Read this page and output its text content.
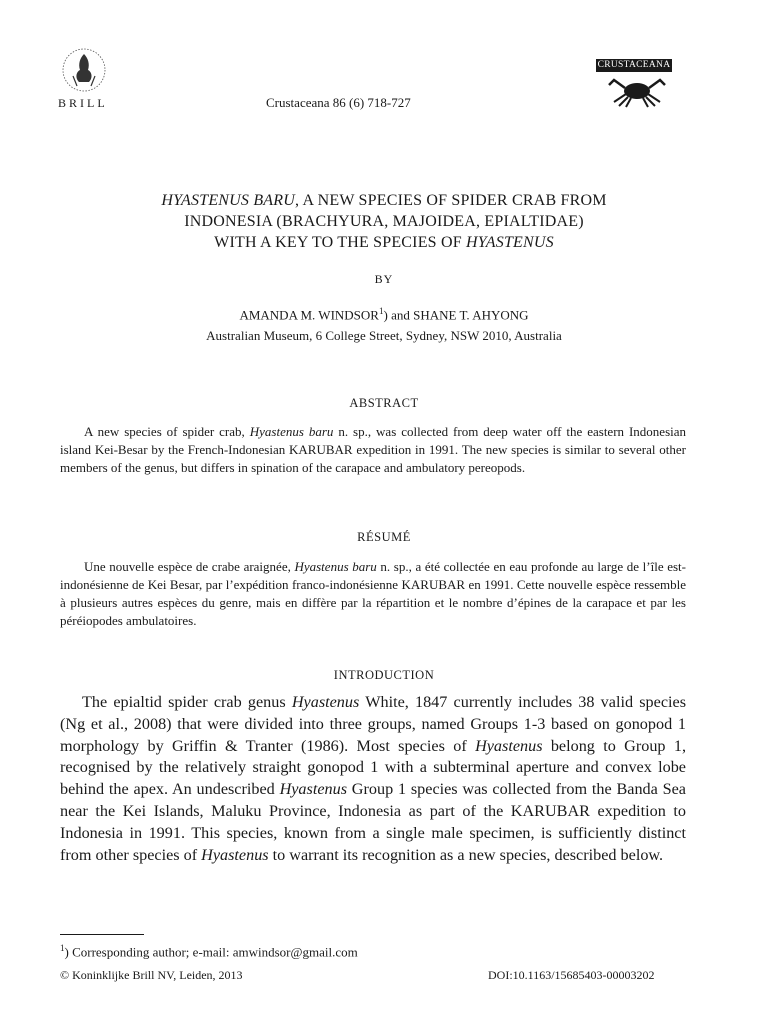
BRILL	Crustaceana 86 (6) 718-727
CRUSTACEANA
HYASTENUS BARU, A NEW SPECIES OF SPIDER CRAB FROM
INDONESIA (BRACHYURA, MAJOIDEA, EPIALTIDAE)
WITH A KEY TO THE SPECIES OF HYASTENUS
BY
AMANDA M. WINDSOR$^1$) and SHANE T. AHYONG
Australian Museum, 6 College Street, Sydney, NSW 2010, Australia
ABSTRACT
A new species of spider crab, Hyastenus baru n. sp., was collected from deep water off the eastern Indonesian island Kei-Besar by the French-Indonesian KARUBAR expedition in 1991. The new species is similar to several other members of the genus, but differs in spination of the carapace and ambulatory pereopods.
RÉSUMÉ
Une nouvelle espèce de crabe araignée, Hyastenus baru n. sp., a été collectée en eau profonde au large de l’île est-indonésienne de Kei Besar, par l’expédition franco-indonésienne KARUBAR en 1991. Cette nouvelle espèce ressemble à plusieurs autres espèces du genre, mais en diffère par la répartition et le nombre d’épines de la carapace et par les péréiopodes ambulatoires.
INTRODUCTION
The epialtid spider crab genus Hyastenus White, 1847 currently includes 38 valid species (Ng et al., 2008) that were divided into three groups, named Groups 1-3 based on gonopod 1 morphology by Griffin & Tranter (1986). Most species of Hyastenus belong to Group 1, recognised by the relatively straight gonopod 1 with a subterminal aperture and convex lobe behind the apex. An undescribed Hyastenus Group 1 species was collected from the Banda Sea near the Kei Islands, Maluku Province, Indonesia as part of the KARUBAR expedition to Indonesia in 1991. This species, known from a single male specimen, is sufficiently distinct from other species of Hyastenus to warrant its recognition as a new species, described below.
$^1$) Corresponding author; e-mail: amwindsor@gmail.com
© Koninklijke Brill NV, Leiden, 2013	DOI:10.1163/15685403-00003202
